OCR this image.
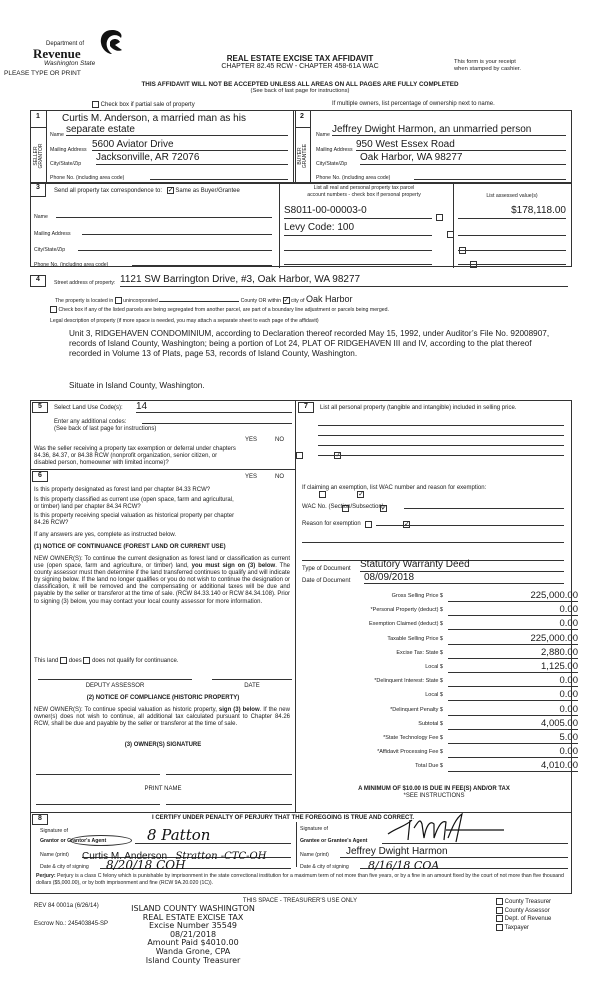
Department of
Revenue
Washington State
PLEASE TYPE OR PRINT
REAL ESTATE EXCISE TAX AFFIDAVIT
CHAPTER 82.45 RCW - CHAPTER 458-61A WAC
This form is your receipt
when stamped by cashier.
THIS AFFIDAVIT WILL NOT BE ACCEPTED UNLESS ALL AREAS ON ALL PAGES ARE FULLY COMPLETED
(See back of last page for instructions)
Check box if partial sale of property	If multiple owners, list percentage of ownership next to name.
1
SELLER GRANTOR
Curtis M. Anderson, a married man as his
Name separate estate
Mailing Address 5600 Aviator Drive
City/State/Zip
Jacksonville, AR 72076
Phone No. (including area code)
2
BUYER GRANTEE
Name Jeffrey Dwight Harmon, an unmarried person
Mailing Address 950 West Essex Road
City/State/Zip
Oak Harbor, WA 98277
Phone No. (including area code)
3
Send all property tax correspondence to: ✓ Same as Buyer/Grantee
Name
Mailing Address
City/State/Zip
Phone No. (including area code)
List all real and personal property tax parcel
account numbers - check box if personal property	List assessed value(s)
S8011-00-00003-0
	$178,118.00
Levy Code: 100

4	Street address of property: 1121 SW Barrington Drive, #3, Oak Harbor, WA 98277
The property is located in unincorporated	County OR within ✓ city of Oak Harbor
Check box if any of the listed parcels are being segregated from another parcel, are part of a boundary line adjustment or parcels being merged.
Legal description of property (if more space is needed, you may attach a separate sheet to each page of the affidavit)
Unit 3, RIDGEHAVEN CONDOMINIUM, according to Declaration thereof recorded May 15, 1992, under Auditor’s File No. 92008907, records of Island County, Washington; being a portion of Lot 24, PLAT OF RIDGEHAVEN III and IV, according to the plat thereof recorded in Volume 13 of Plats, page 53, records of Island County, Washington.
Situate in Island County, Washington.
5	Select Land Use Code(s): 14
Enter any additional codes:
(See back of last page for instructions)
YES	NO
Was the seller receiving a property tax exemption or deferral under chapters 84.36, 84.37, or 84.38 RCW (nonprofit organization, senior citizen, or disabled person, homeowner with limited income)?
✓
6	YES	NO
Is this property designated as forest land per chapter 84.33 RCW?
✓
Is this property classified as current use (open space, farm and agricultural, or timber) land per chapter 84.34 RCW?
✓
Is this property receiving special valuation as historical property per chapter 84.26 RCW?
✓
If any answers are yes, complete as instructed below.
(1) NOTICE OF CONTINUANCE (FOREST LAND OR CURRENT USE)

NEW OWNER(S): To continue the current designation as forest land or classification as current use (open space, farm and agriculture, or timber) land, you must sign on (3) below. The county assessor must then determine if the land transferred continues to qualify and will indicate by signing below. If the land no longer qualifies or you do not wish to continue the designation or classification, it will be removed and the compensating or additional taxes will be due and payable by the seller or transferor at the time of sale. (RCW 84.33.140 or RCW 84.34.108). Prior to signing (3) below, you may contact your local county assessor for more information.

This land does does not qualify for continuance.
DEPUTY ASSESSOR	DATE
(2) NOTICE OF COMPLIANCE (HISTORIC PROPERTY)

NEW OWNER(S): To continue special valuation as historic property, sign (3) below. If the new owner(s) does not wish to continue, all additional tax calculated pursuant to Chapter 84.26 RCW, shall be due and payable by the seller or transferor at the time of sale.

(3) OWNER(S) SIGNATURE
PRINT NAME
7	List all personal property (tangible and intangible) included in selling price.
If claiming an exemption, list WAC number and reason for exemption:
WAC No. (Section/Subsection)
Reason for exemption
Type of Document Statutory Warranty Deed
Date of Document 08/09/2018
Gross Selling Price $	225,000.00
*Personal Property (deduct) $	0.00
Exemption Claimed (deduct) $	0.00
Taxable Selling Price $	225,000.00
Excise Tax: State $	2,880.00
Local $	1,125.00
*Delinquent Interest: State $	0.00
Local $	0.00
*Delinquent Penalty $	0.00
Subtotal $	4,005.00
*State Technology Fee $	5.00
*Affidavit Processing Fee $	0.00
Total Due $	4,010.00
A MINIMUM OF $10.00 IS DUE IN FEE(S) AND/OR TAX
*SEE INSTRUCTIONS
8	I CERTIFY UNDER PENALTY OF PERJURY THAT THE FOREGOING IS TRUE AND CORRECT.
Signature of
Grantor or Grantor's Agent	8 Patton
Name (print) Curtis M. Anderson Stratton -CTC-OH
Date & city of signing	8/20/18 COH
Signature of
Grantee or Grantee's Agent
Name (print)	Jeffrey Dwight Harmon
Date & city of signing	8/16/18 COA

Perjury: Perjury is a class C felony which is punishable by imprisonment in the state correctional institution for a maximum term of not more than five years, or by a fine in an amount fixed by the court of not more than five thousand dollars ($5,000.00), or by both imprisonment and fine (RCW 9A.20.020 (1C)).

REV 84 0001a (6/26/14)
Escrow No.: 245403845-SP
THIS SPACE - TREASURER'S USE ONLY
ISLAND COUNTY WASHINGTON
REAL ESTATE EXCISE TAX
Excise Number 35549
08/21/2018
Amount Paid $4010.00
Wanda Grone, CPA
Island County Treasurer
County Treasurer
County Assessor
Dept. of Revenue
Taxpayer
